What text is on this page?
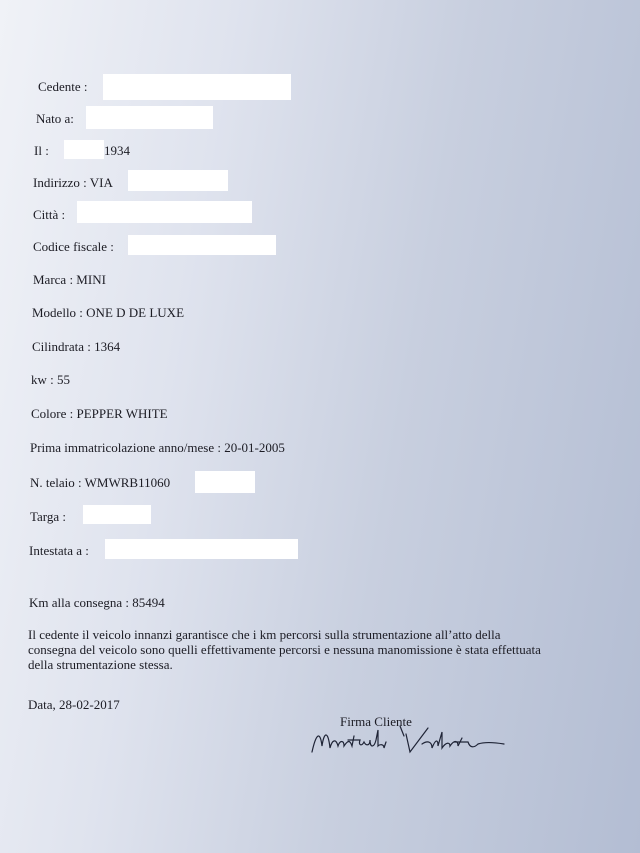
Cedente :
Nato a:
Il :	1934
Indirizzo : VIA
Città :
Codice fiscale :
Marca : MINI
Modello : ONE D DE LUXE
Cilindrata : 1364
kw : 55
Colore : PEPPER WHITE
Prima immatricolazione anno/mese : 20-01-2005
N. telaio : WMWRB11060
Targa :
Intestata a :
Km alla consegna : 85494
Il cedente il veicolo innanzi garantisce che i km percorsi sulla strumentazione all’atto della
consegna del veicolo sono quelli effettivamente percorsi e nessuna manomissione è stata effettuata
della strumentazione stessa.
Data, 28-02-2017
Firma Cliente
